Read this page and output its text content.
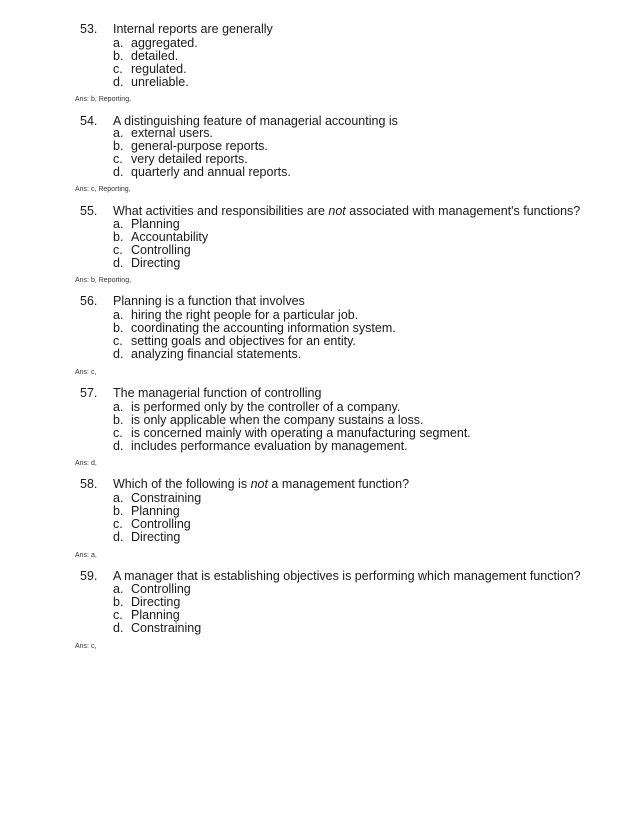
53. Internal reports are generally
a. aggregated.
b. detailed.
c. regulated.
d. unreliable.
Ans: b, Reporting,
54. A distinguishing feature of managerial accounting is
a. external users.
b. general-purpose reports.
c. very detailed reports.
d. quarterly and annual reports.
Ans: c, Reporting,
55. What activities and responsibilities are not associated with management's functions?
a. Planning
b. Accountability
c. Controlling
d. Directing
Ans: b, Reporting,
56. Planning is a function that involves
a. hiring the right people for a particular job.
b. coordinating the accounting information system.
c. setting goals and objectives for an entity.
d. analyzing financial statements.
Ans: c,
57. The managerial function of controlling
a. is performed only by the controller of a company.
b. is only applicable when the company sustains a loss.
c. is concerned mainly with operating a manufacturing segment.
d. includes performance evaluation by management.
Ans: d,
58. Which of the following is not a management function?
a. Constraining
b. Planning
c. Controlling
d. Directing
Ans: a,
59. A manager that is establishing objectives is performing which management function?
a. Controlling
b. Directing
c. Planning
d. Constraining
Ans: c,
